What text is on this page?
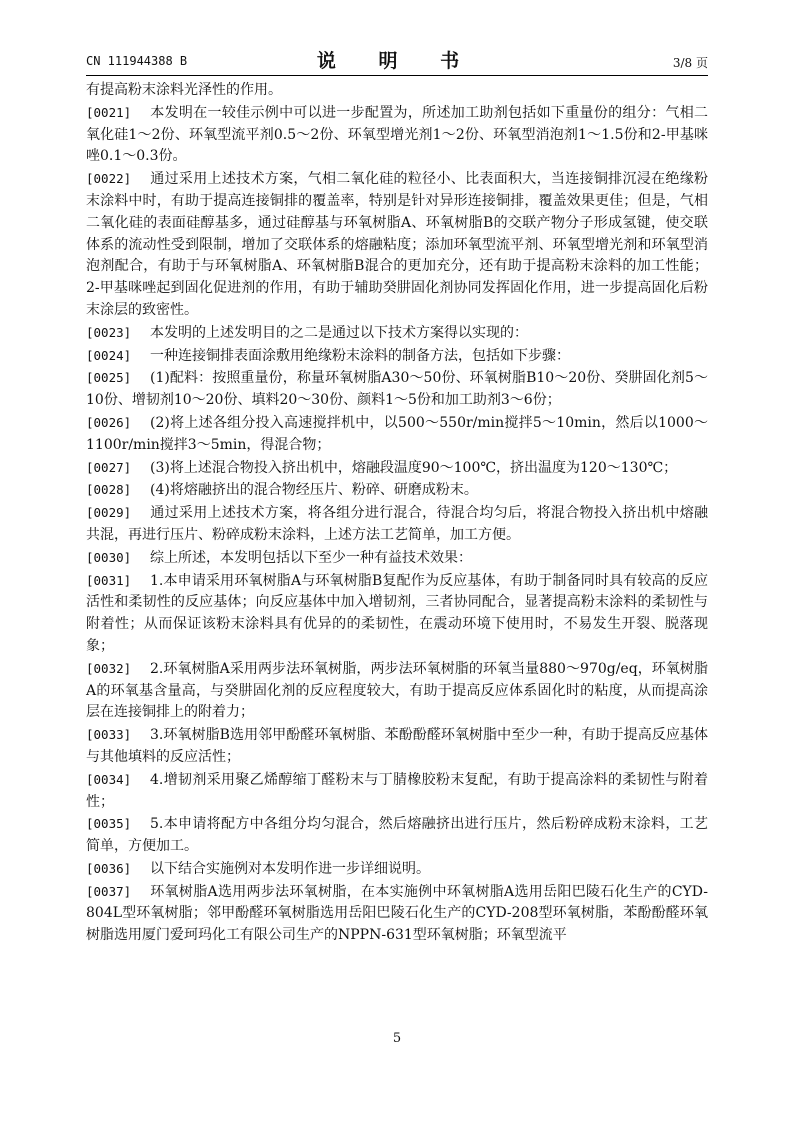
CN 111944388 B	说 明 书	3/8 页

有提高粉末涂料光泽性的作用。

[0021] 本发明在一较佳示例中可以进一步配置为，所述加工助剂包括如下重量份的组分：气相二氧化硅1～2份、环氧型流平剂0.5～2份、环氧型增光剂1～2份、环氧型消泡剂1～1.5份和2-甲基咪唑0.1～0.3份。

[0022] 通过采用上述技术方案，气相二氧化硅的粒径小、比表面积大，当连接铜排沉浸在绝缘粉末涂料中时，有助于提高连接铜排的覆盖率，特别是针对异形连接铜排，覆盖效果更佳；但是，气相二氧化硅的表面硅醇基多，通过硅醇基与环氧树脂A、环氧树脂B的交联产物分子形成氢键，使交联体系的流动性受到限制，增加了交联体系的熔融粘度；添加环氧型流平剂、环氧型增光剂和环氧型消泡剂配合，有助于与环氧树脂A、环氧树脂B混合的更加充分，还有助于提高粉末涂料的加工性能；2-甲基咪唑起到固化促进剂的作用，有助于辅助癸肼固化剂协同发挥固化作用，进一步提高固化后粉末涂层的致密性。

[0023] 本发明的上述发明目的之二是通过以下技术方案得以实现的：

[0024] 一种连接铜排表面涂敷用绝缘粉末涂料的制备方法，包括如下步骤：

[0025] (1)配料：按照重量份，称量环氧树脂A30～50份、环氧树脂B10～20份、癸肼固化剂5～10份、增韧剂10～20份、填料20～30份、颜料1～5份和加工助剂3～6份；

[0026] (2)将上述各组分投入高速搅拌机中，以500～550r/min搅拌5～10min，然后以1000～1100r/min搅拌3～5min，得混合物；

[0027] (3)将上述混合物投入挤出机中，熔融段温度90～100℃，挤出温度为120～130℃；

[0028] (4)将熔融挤出的混合物经压片、粉碎、研磨成粉末。

[0029] 通过采用上述技术方案，将各组分进行混合，待混合均匀后，将混合物投入挤出机中熔融共混，再进行压片、粉碎成粉末涂料，上述方法工艺简单，加工方便。

[0030] 综上所述，本发明包括以下至少一种有益技术效果：

[0031] 1.本申请采用环氧树脂A与环氧树脂B复配作为反应基体，有助于制备同时具有较高的反应活性和柔韧性的反应基体；向反应基体中加入增韧剂，三者协同配合，显著提高粉末涂料的柔韧性与附着性；从而保证该粉末涂料具有优异的的柔韧性，在震动环境下使用时，不易发生开裂、脱落现象；

[0032] 2.环氧树脂A采用两步法环氧树脂，两步法环氧树脂的环氧当量880～970g/eq，环氧树脂A的环氧基含量高，与癸肼固化剂的反应程度较大，有助于提高反应体系固化时的粘度，从而提高涂层在连接铜排上的附着力；

[0033] 3.环氧树脂B选用邻甲酚醛环氧树脂、苯酚酚醛环氧树脂中至少一种，有助于提高反应基体与其他填料的反应活性；

[0034] 4.增韧剂采用聚乙烯醇缩丁醛粉末与丁腈橡胶粉末复配，有助于提高涂料的柔韧性与附着性；

[0035] 5.本申请将配方中各组分均匀混合，然后熔融挤出进行压片，然后粉碎成粉末涂料，工艺简单，方便加工。

[0036] 以下结合实施例对本发明作进一步详细说明。

[0037] 环氧树脂A选用两步法环氧树脂，在本实施例中环氧树脂A选用岳阳巴陵石化生产的CYD-804L型环氧树脂；邻甲酚醛环氧树脂选用岳阳巴陵石化生产的CYD-208型环氧树脂，苯酚酚醛环氧树脂选用厦门爱珂玛化工有限公司生产的NPPN-631型环氧树脂；环氧型流平

5
